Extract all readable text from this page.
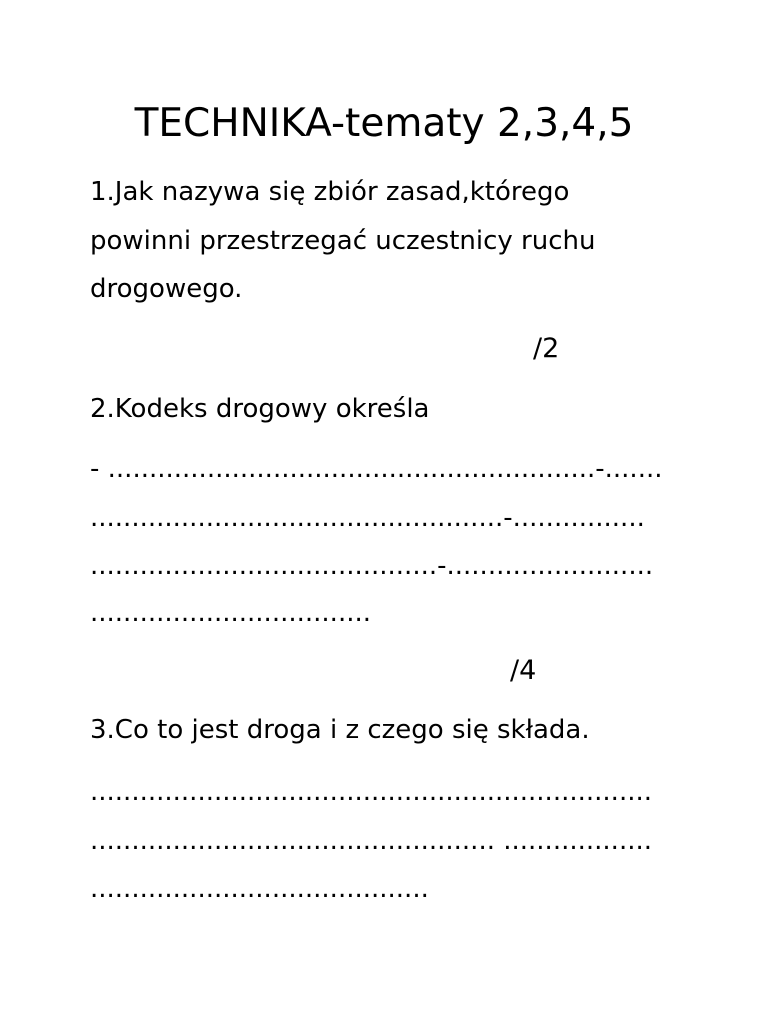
TECHNIKA-tematy 2,3,4,5
1.Jak nazywa się zbiór zasad,którego
powinni przestrzegać uczestnicy ruchu
drogowego.
/2
2.Kodeks drogowy określa
- ...........................................................-.......
..................................................-................
..........................................-.........................
..................................
/4
3.Co to jest droga i z czego się składa.
....................................................................
................................................. ..................
.........................................
